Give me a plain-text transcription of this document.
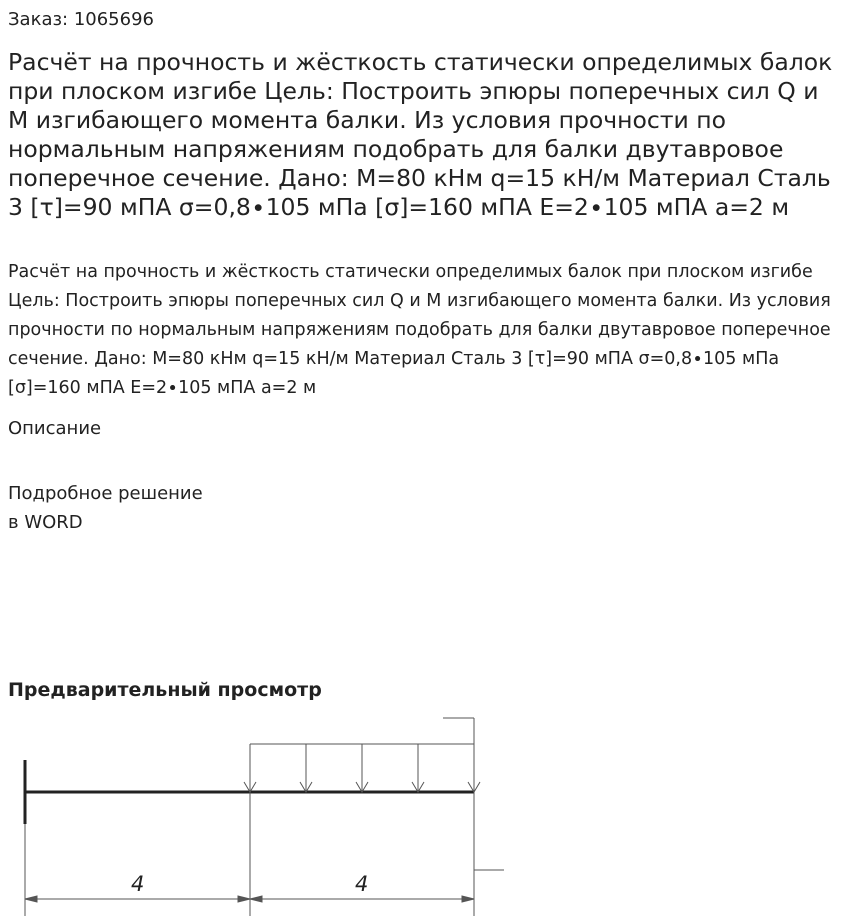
Заказ: 1065696
Расчёт на прочность и жёсткость статически определимых балок при плоском изгибе Цель: Построить эпюры поперечных сил Q и M изгибающего момента балки. Из условия прочности по нормальным напряжениям подобрать для балки двутавровое поперечное сечение. Дано: M=80 кНм q=15 кН/м Материал Сталь 3 [τ]=90 мПА σ=0,8∙105 мПа [σ]=160 мПА E=2∙105 мПА a=2 м
Расчёт на прочность и жёсткость статически определимых балок при плоском изгибе Цель: Построить эпюры поперечных сил Q и M изгибающего момента балки. Из условия прочности по нормальным напряжениям подобрать для балки двутавровое поперечное сечение. Дано: M=80 кНм q=15 кН/м Материал Сталь 3 [τ]=90 мПА σ=0,8∙105 мПа [σ]=160 мПА E=2∙105 мПА a=2 м
Описание
Подробное решение
в WORD
Предварительный просмотр
4	4
